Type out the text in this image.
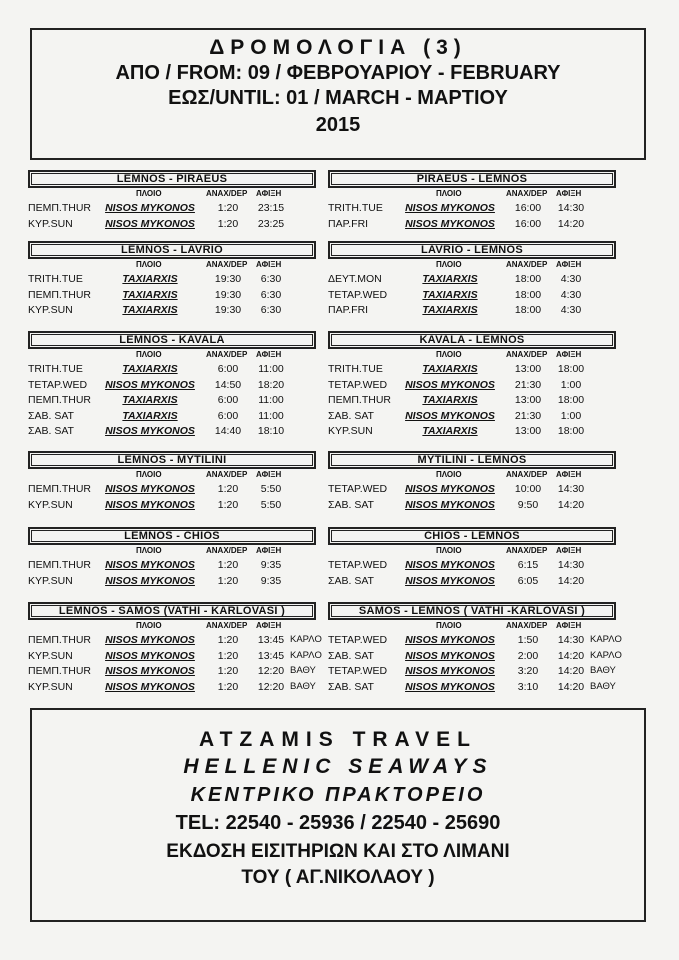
ΔΡΟΜΟΛΟΓΙΑ (3)
ΑΠΟ / FROM: 09 / ΦΕΒΡΟΥΑΡΙΟΥ - FEBRUARY
ΕΩΣ/UNTIL: 01 / MARCH - ΜΑΡΤΙΟΥ
2015
LEMNOS - PIRAEUS
ΠΛΟΙΟ	ΑΝΑΧ/DEP ΑΦΙΞΗ
ΠΕΜΠ.THUR	NISOS MYKONOS	1:20	23:15
ΚΥΡ.SUN	NISOS MYKONOS	1:20	23:25
PIRAEUS - LEMNOS
ΠΛΟΙΟ	ΑΝΑΧ/DEP ΑΦΙΞΗ
TRITH.TUE	NISOS MYKONOS	16:00	14:30
ΠΑΡ.FRI	NISOS MYKONOS	16:00	14:20
LEMNOS - LAVRIO
ΠΛΟΙΟ	ΑΝΑΧ/DEP ΑΦΙΞΗ
TRITH.TUE	TAXIARXIS	19:30	6:30
ΠΕΜΠ.THUR	TAXIARXIS	19:30	6:30
ΚΥΡ.SUN	TAXIARXIS	19:30	6:30
LAVRIO - LEMNOS
ΠΛΟΙΟ	ΑΝΑΧ/DEP ΑΦΙΞΗ
ΔΕΥΤ.MON	TAXIARXIS	18:00	4:30
ΤΕΤΑΡ.WED	TAXIARXIS	18:00	4:30
ΠΑΡ.FRI	TAXIARXIS	18:00	4:30
LEMNOS - KAVALA
ΠΛΟΙΟ	ΑΝΑΧ/DEP ΑΦΙΞΗ
TRITH.TUE	TAXIARXIS	6:00	11:00
ΤΕΤΑΡ.WED	NISOS MYKONOS	14:50	18:20
ΠΕΜΠ.THUR	TAXIARXIS	6:00	11:00
ΣΑΒ. SAT	TAXIARXIS	6:00	11:00
ΣΑΒ. SAT	NISOS MYKONOS	14:40	18:10
KAVALA - LEMNOS
ΠΛΟΙΟ	ΑΝΑΧ/DEP ΑΦΙΞΗ
TRITH.TUE	TAXIARXIS	13:00	18:00
ΤΕΤΑΡ.WED	NISOS MYKONOS	21:30	1:00
ΠΕΜΠ.THUR	TAXIARXIS	13:00	18:00
ΣΑΒ. SAT	NISOS MYKONOS	21:30	1:00
ΚΥΡ.SUN	TAXIARXIS	13:00	18:00
LEMNOS - MYTILINI
ΠΛΟΙΟ	ΑΝΑΧ/DEP ΑΦΙΞΗ
ΠΕΜΠ.THUR	NISOS MYKONOS	1:20	5:50
ΚΥΡ.SUN	NISOS MYKONOS	1:20	5:50
MYTILINI - LEMNOS
ΠΛΟΙΟ	ΑΝΑΧ/DEP ΑΦΙΞΗ
ΤΕΤΑΡ.WED	NISOS MYKONOS	10:00	14:30
ΣΑΒ. SAT	NISOS MYKONOS	9:50	14:20
LEMNOS - CHIOS
ΠΛΟΙΟ	ΑΝΑΧ/DEP ΑΦΙΞΗ
ΠΕΜΠ.THUR	NISOS MYKONOS	1:20	9:35
ΚΥΡ.SUN	NISOS MYKONOS	1:20	9:35
CHIOS - LEMNOS
ΠΛΟΙΟ	ΑΝΑΧ/DEP ΑΦΙΞΗ
ΤΕΤΑΡ.WED	NISOS MYKONOS	6:15	14:30
ΣΑΒ. SAT	NISOS MYKONOS	6:05	14:20
LEMNOS - SAMOS (VATHI - KARLOVASI )
ΠΛΟΙΟ	ΑΝΑΧ/DEP ΑΦΙΞΗ
ΠΕΜΠ.THUR	NISOS MYKONOS	1:20	13:45 ΚΑΡΛΟ
ΚΥΡ.SUN	NISOS MYKONOS	1:20	13:45 ΚΑΡΛΟ
ΠΕΜΠ.THUR	NISOS MYKONOS	1:20	12:20 ΒΑΘΥ
ΚΥΡ.SUN	NISOS MYKONOS	1:20	12:20 ΒΑΘΥ
SAMOS - LEMNOS ( VATHI -KARLOVASI )
ΠΛΟΙΟ	ΑΝΑΧ/DEP ΑΦΙΞΗ
ΤΕΤΑΡ.WED	NISOS MYKONOS	1:50	14:30 ΚΑΡΛΟ
ΣΑΒ. SAT	NISOS MYKONOS	2:00	14:20 ΚΑΡΛΟ
ΤΕΤΑΡ.WED	NISOS MYKONOS	3:20	14:20 ΒΑΘΥ
ΣΑΒ. SAT	NISOS MYKONOS	3:10	14:20 ΒΑΘΥ
ATZAMIS TRAVEL
HELLENIC SEAWAYS
ΚΕΝΤΡΙΚΟ ΠΡΑΚΤΟΡΕΙΟ
TEL: 22540 - 25936 / 22540 - 25690
ΕΚΔΟΣΗ ΕΙΣΙΤΗΡΙΩΝ ΚΑΙ ΣΤΟ ΛΙΜΑΝΙ
ΤΟΥ ( ΑΓ.ΝΙΚΟΛΑΟΥ )
